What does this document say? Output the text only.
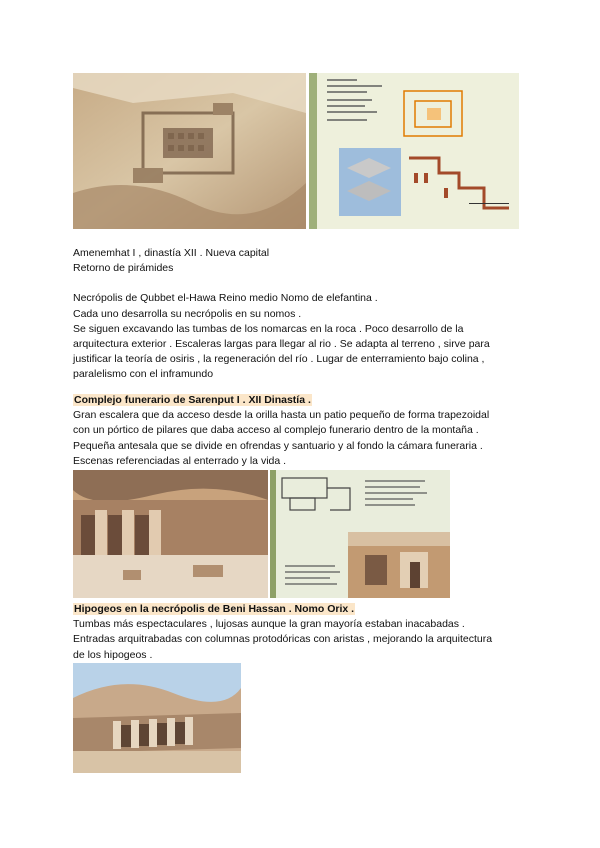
Amenemhat I , dinastía XII . Nueva capital

Retorno de pirámides

Necrópolis de Qubbet el-Hawa Reino medio Nomo de elefantina .

Cada uno desarrolla su necrópolis en su nomos .

Se siguen excavando las tumbas de los nomarcas en la roca . Poco desarrollo de la

arquitectura exterior . Escaleras largas para llegar al rio . Se adapta al terreno , sirve para

justificar la teoría de osiris , la regeneración del río . Lugar de enterramiento bajo colina ,

paralelismo con el inframundo

Complejo funerario de Sarenput I . XII Dinastía .

Gran escalera que da acceso desde la orilla hasta un patio pequeño de forma trapezoidal

con un pórtico de pilares que daba acceso al complejo funerario dentro de la montaña .

Pequeña antesala que se divide en ofrendas y santuario y al fondo la cámara funeraria .

Escenas referenciadas al enterrado y la vida .

Hipogeos en la necrópolis de Beni Hassan . Nomo Orix .

Tumbas más espectaculares , lujosas aunque la gran mayoría estaban inacabadas .

Entradas arquitrabadas con columnas protodóricas con aristas , mejorando la arquitectura

de los hipogeos .
